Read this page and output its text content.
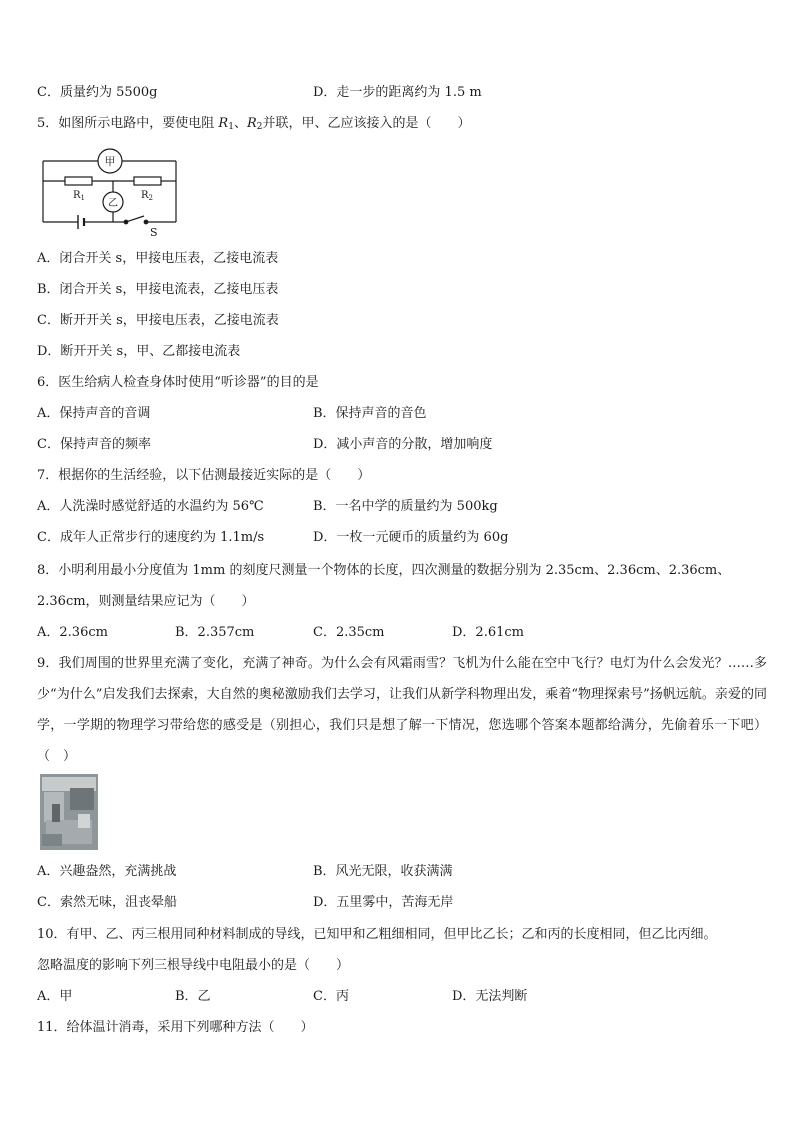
C．质量约为 5500g	D．走一步的距离约为 1.5 m
5．如图所示电路中，要使电阻 $R_1$、$R_2$并联，甲、乙应该接入的是（　　）
甲
乙
$R_1$	$R_2$
S
A．闭合开关 s，甲接电压表，乙接电流表
B．闭合开关 s，甲接电流表，乙接电压表
C．断开开关 s，甲接电压表，乙接电流表
D．断开开关 s，甲、乙都接电流表
6．医生给病人检查身体时使用“听诊器”的目的是
A．保持声音的音调	B．保持声音的音色
C．保持声音的频率	D．减小声音的分散，增加响度
7．根据你的生活经验，以下估测最接近实际的是（　　）
A．人洗澡时感觉舒适的水温约为 56℃	B．一名中学的质量约为 500kg
C．成年人正常步行的速度约为 1.1m/s	D．一枚一元硬币的质量约为 60g
8．小明利用最小分度值为 1mm 的刻度尺测量一个物体的长度，四次测量的数据分别为 2.35cm、2.36cm、2.36cm、
2.36cm，则测量结果应记为（　　）
A．2.36cm	B．2.357cm	C．2.35cm	D．2.61cm
9．我们周围的世界里充满了变化，充满了神奇。为什么会有风霜雨雪？飞机为什么能在空中飞行？电灯为什么会发光？……多少“为什么”启发我们去探索，大自然的奥秘激励我们去学习，让我们从新学科物理出发，乘着“物理探索号”扬帆远航。亲爱的同学，一学期的物理学习带给您的感受是（别担心，我们只是想了解一下情况，您选哪个答案本题都给满分，先偷着乐一下吧）（　）
A．兴趣盎然，充满挑战	B．风光无限，收获满满
C．索然无味，沮丧晕船	D．五里雾中，苦海无岸
10．有甲、乙、丙三根用同种材料制成的导线，已知甲和乙粗细相同，但甲比乙长；乙和丙的长度相同，但乙比丙细。
忽略温度的影响下列三根导线中电阻最小的是（　　）
A．甲	B．乙	C．丙	D．无法判断
11．给体温计消毒，采用下列哪种方法（　　）
